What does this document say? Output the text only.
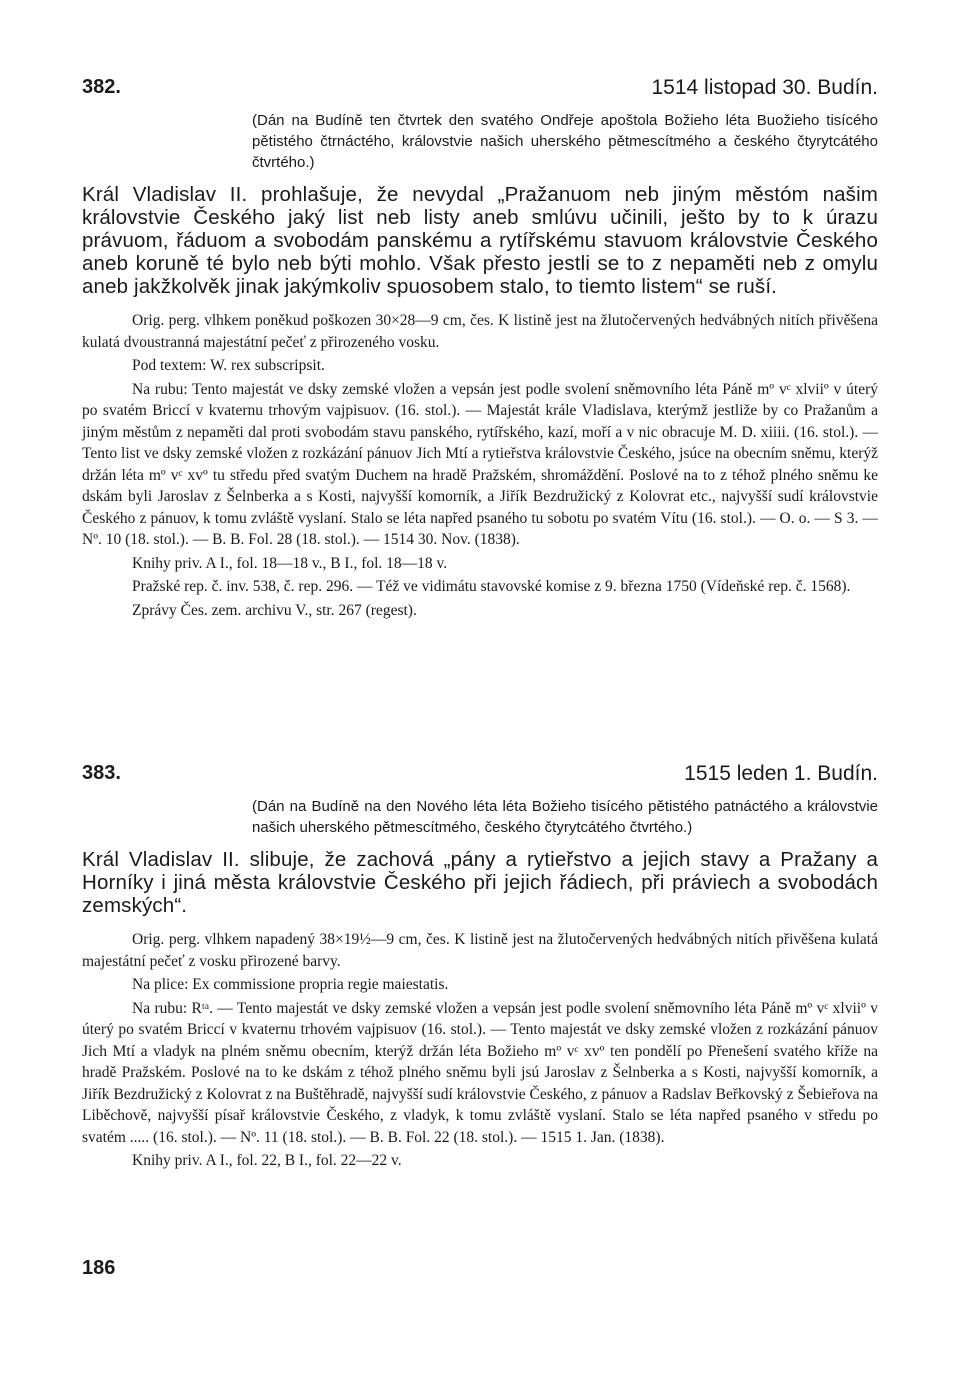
382.	1514 listopad 30. Budín.

(Dán na Budíně ten čtvrtek den svatého Ondřeje apoštola Božieho léta Buožieho tisícého pětistého čtrnáctého, královstvie našich uherského pětmescítmého a českého čtyrytcátého čtvrtého.)

Král Vladislav II. prohlašuje, že nevydal „Pražanuom neb jiným městóm našim královstvie Českého jaký list neb listy aneb smlúvu učinili, ješto by to k úrazu právuom, řáduom a svobodám panskému a rytířskému stavuom královstvie Českého aneb koruně té bylo neb býti mohlo. Však přesto jestli se to z nepaměti neb z omylu aneb jakžkolvěk jinak jakýmkoliv spuosobem stalo, to tiemto listem“ se ruší.

Orig. perg. vlhkem poněkud poškozen 30×28—9 cm, čes. K listině jest na žlutočervených hedvábných nitích přivěšena kulatá dvoustranná majestátní pečeť z přirozeného vosku.

Pod textem: W. rex subscripsit.

Na rubu: Tento majestát ve dsky zemské vložen a vepsán jest podle svolení sněmovního léta Páně mº vᶜ xlviiº v úterý po svatém Briccí v kvaternu trhovým vajpisuov. (16. stol.). — Majestát krále Vladislava, kterýmž jestliže by co Pražanům a jiným městům z nepaměti dal proti svobodám stavu panského, rytířského, kazí, moří a v nic obracuje M. D. xiiii. (16. stol.). — Tento list ve dsky zemské vložen z rozkázání pánuov Jich Mtí a rytieřstva královstvie Českého, jsúce na obecním sněmu, kterýž držán léta mº vᶜ xvº tu středu před svatým Duchem na hradě Pražském, shromáždění. Poslové na to z téhož plného sněmu ke dskám byli Jaroslav z Šelnberka a s Kosti, najvyšší komorník, a Jiřík Bezdružický z Kolovrat etc., najvyšší sudí královstvie Českého z pánuov, k tomu zvláště vyslaní. Stalo se léta napřed psaného tu sobotu po svatém Vítu (16. stol.). — O. o. — S 3. — Nº. 10 (18. stol.). — B. B. Fol. 28 (18. stol.). — 1514 30. Nov. (1838).

Knihy priv. A I., fol. 18—18 v., B I., fol. 18—18 v.

Pražské rep. č. inv. 538, č. rep. 296. — Též ve vidimátu stavovské komise z 9. března 1750 (Vídeňské rep. č. 1568).

Zprávy Čes. zem. archivu V., str. 267 (regest).

383.	1515 leden 1. Budín.

(Dán na Budíně na den Nového léta léta Božieho tisícého pětistého patnáctého a královstvie našich uherského pětmescítmého, českého čtyrytcátého čtvrtého.)

Král Vladislav II. slibuje, že zachová „pány a rytieřstvo a jejich stavy a Pražany a Horníky i jiná města královstvie Českého při jejich řádiech, při práviech a svobodách zemských“.

Orig. perg. vlhkem napadený 38×19½—9 cm, čes. K listině jest na žlutočervených hedvábných nitích přivěšena kulatá majestátní pečeť z vosku přirozené barvy.

Na plice: Ex commissione propria regie maiestatis.

Na rubu: Rᵗᵃ. — Tento majestát ve dsky zemské vložen a vepsán jest podle svolení sněmovního léta Páně mº vᶜ xlviiº v úterý po svatém Briccí v kvaternu trhovém vajpisuov (16. stol.). — Tento majestát ve dsky zemské vložen z rozkázání pánuov Jich Mtí a vladyk na plném sněmu obecním, kterýž držán léta Božieho mº vᶜ xvº ten pondělí po Přenešení svatého kříže na hradě Pražském. Poslové na to ke dskám z téhož plného sněmu byli jsú Jaroslav z Šelnberka a s Kosti, najvyšší komorník, a Jiřík Bezdružický z Kolovrat z na Buštěhradě, najvyšší sudí královstvie Českého, z pánuov a Radslav Beřkovský z Šebieřova na Liběchově, najvyšší písař královstvie Českého, z vladyk, k tomu zvláště vyslaní. Stalo se léta napřed psaného v středu po svatém ..... (16. stol.). — Nº. 11 (18. stol.). — B. B. Fol. 22 (18. stol.). — 1515 1. Jan. (1838).

Knihy priv. A I., fol. 22, B I., fol. 22—22 v.

186
